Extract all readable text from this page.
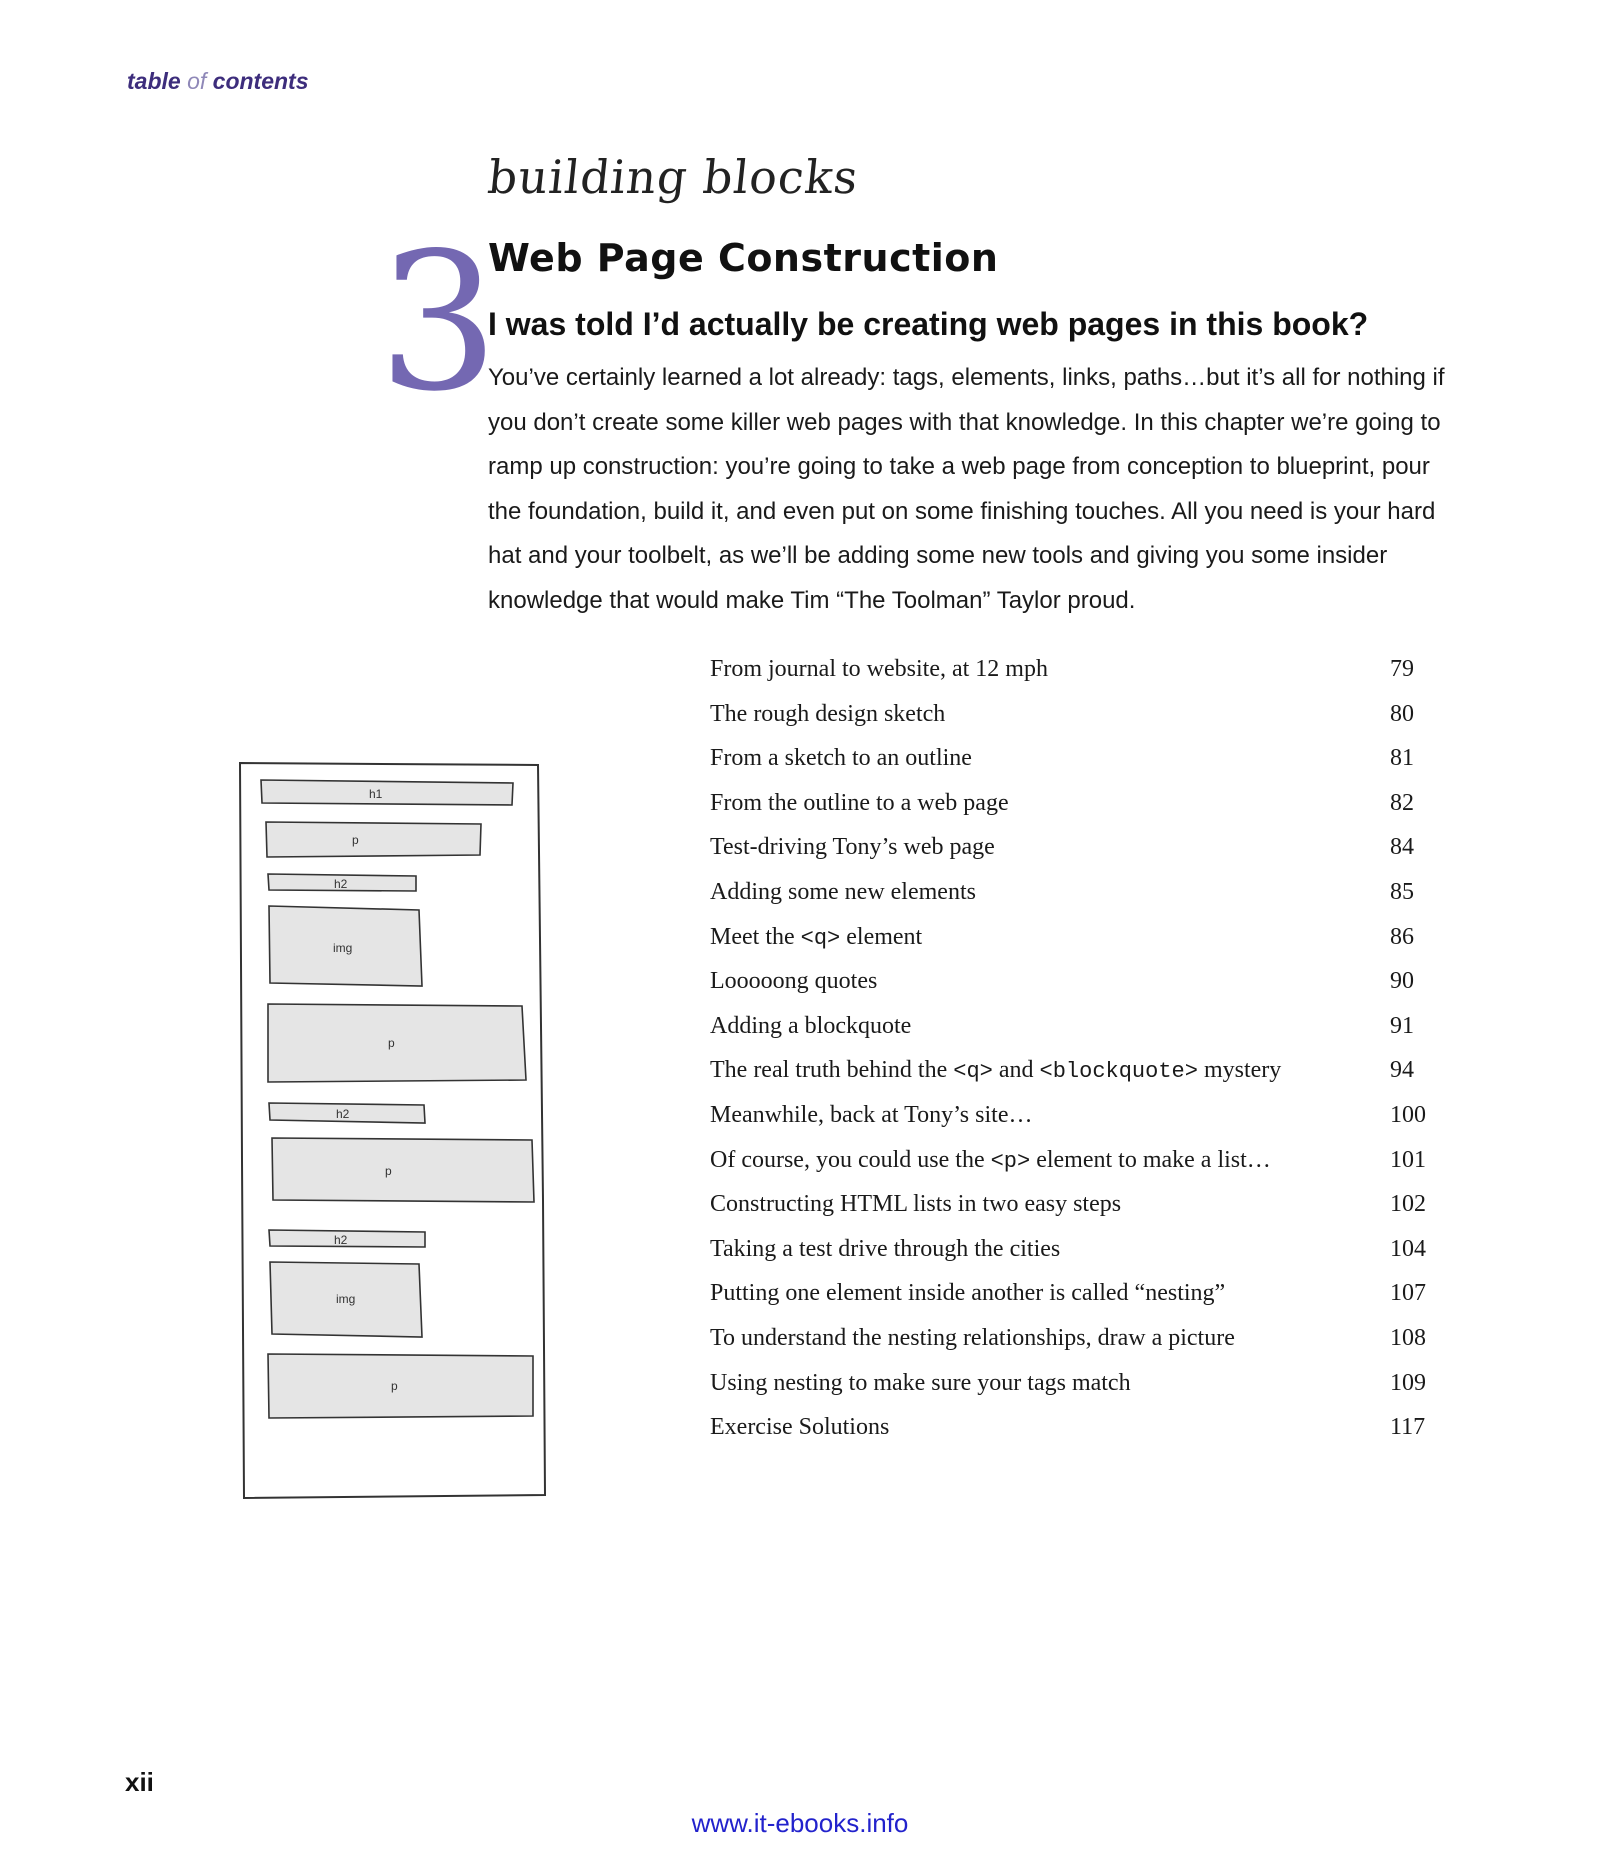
table of contents
building blocks
3
Web Page Construction
I was told I’d actually be creating web pages in this book?
You’ve certainly learned a lot already: tags, elements, links, paths…but it’s all for nothing if you don’t create some killer web pages with that knowledge. In this chapter we’re going to ramp up construction: you’re going to take a web page from conception to blueprint, pour the foundation, build it, and even put on some finishing touches. All you need is your hard hat and your toolbelt, as we’ll be adding some new tools and giving you some insider knowledge that would make Tim “The Toolman” Taylor proud.
h1
p
h2
img
p
h2
p
h2
img
p
From journal to website, at 12 mph	79
The rough design sketch	80
From a sketch to an outline	81
From the outline to a web page	82
Test-driving Tony’s web page	84
Adding some new elements	85
Meet the <q> element	86
Looooong quotes	90
Adding a blockquote	91
The real truth behind the <q> and <blockquote> mystery	94
Meanwhile, back at Tony’s site…	100
Of course, you could use the <p> element to make a list…	101
Constructing HTML lists in two easy steps	102
Taking a test drive through the cities	104
Putting one element inside another is called “nesting”	107
To understand the nesting relationships, draw a picture	108
Using nesting to make sure your tags match	109
Exercise Solutions	117
xii
www.it-ebooks.info
